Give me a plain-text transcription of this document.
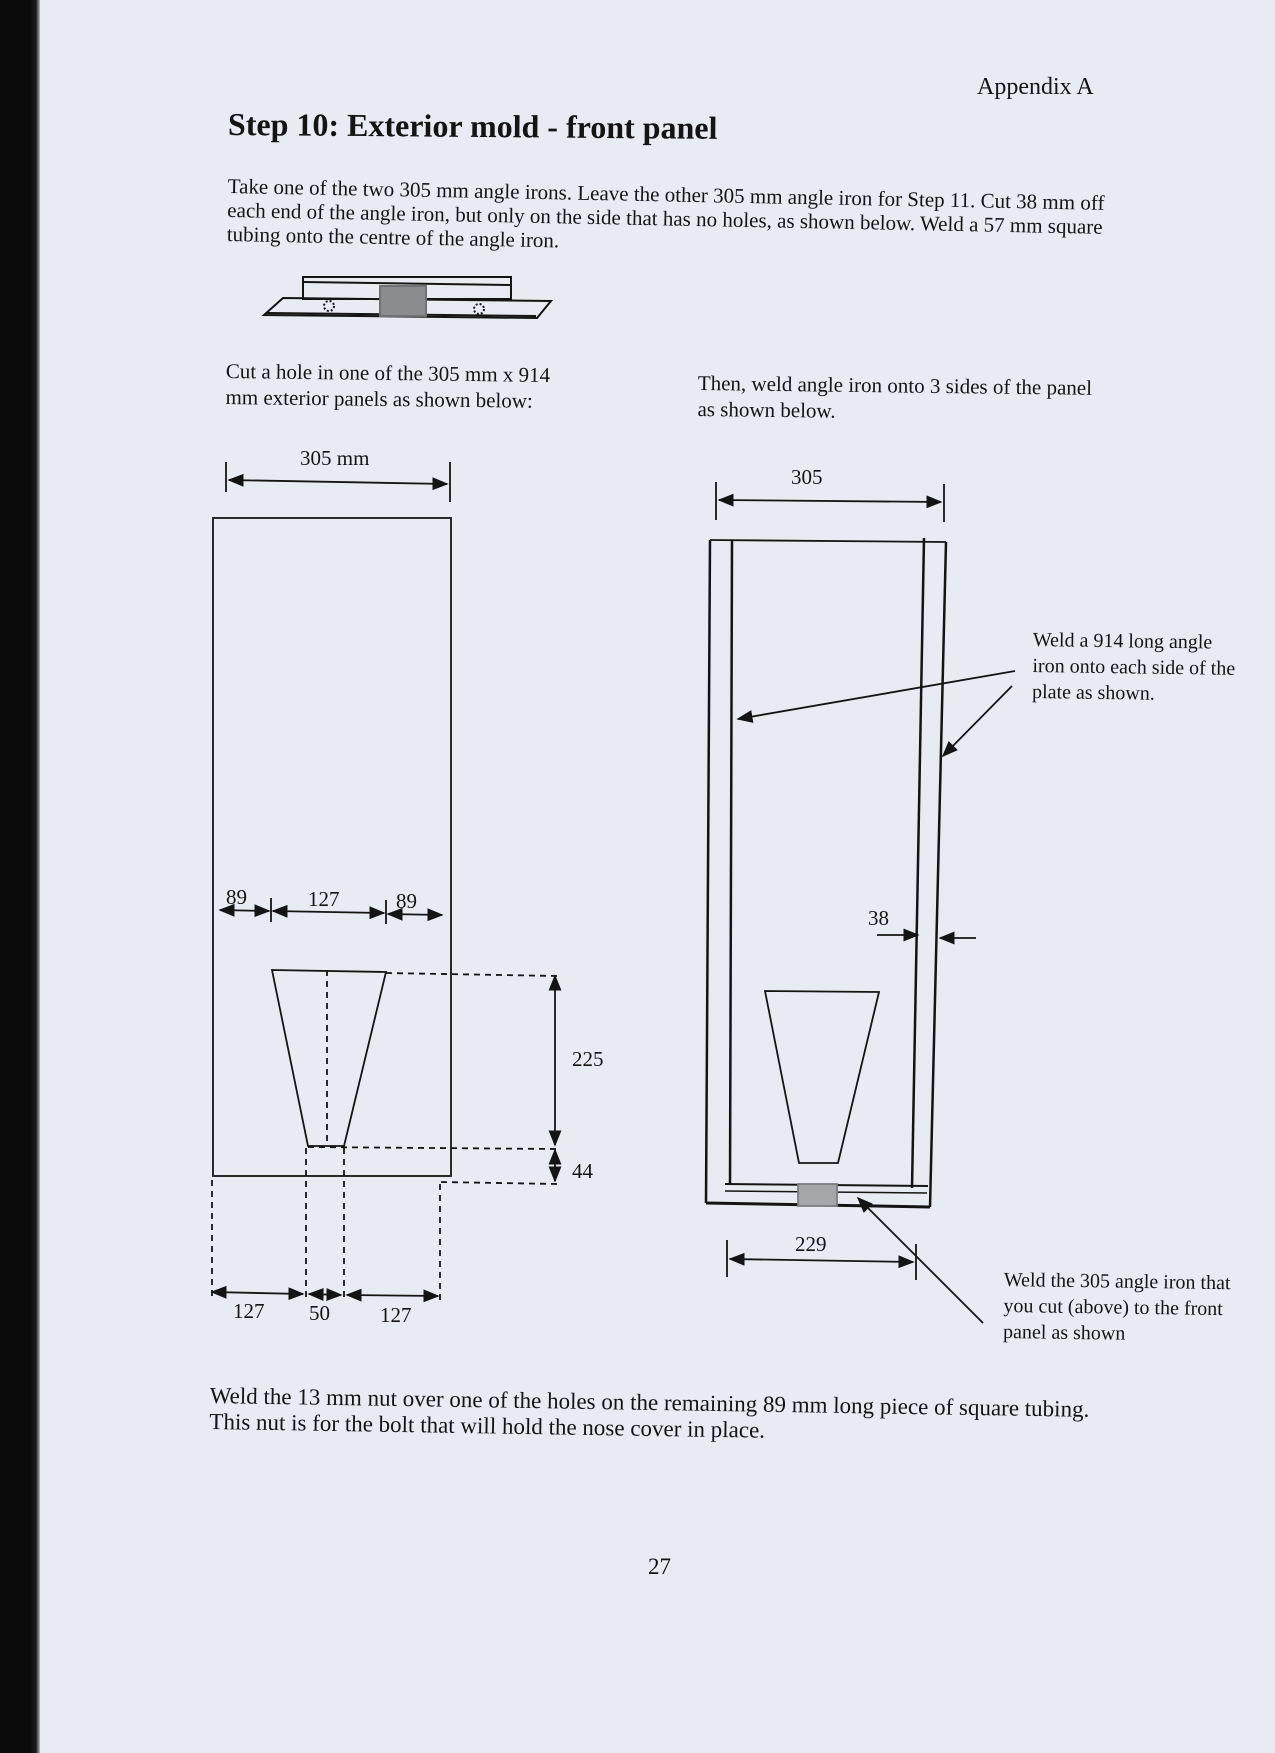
Appendix A
Step 10: Exterior mold - front panel
Take one of the two 305 mm angle irons. Leave the other 305 mm angle iron for Step 11. Cut 38 mm off each end of the angle iron, but only on the side that has no holes, as shown below. Weld a 57 mm square tubing onto the centre of the angle iron.
305 mm
89	127	89
225
44
127 50 127
305
38
229
Cut a hole in one of the 305 mm x 914 mm exterior panels as shown below:	Then, weld angle iron onto 3 sides of the panel as shown below.
Weld a 914 long angle iron onto each side of the plate as shown.
Weld the 305 angle iron that you cut (above) to the front panel as shown
Weld the 13 mm nut over one of the holes on the remaining 89 mm long piece of square tubing. This nut is for the bolt that will hold the nose cover in place.
27
